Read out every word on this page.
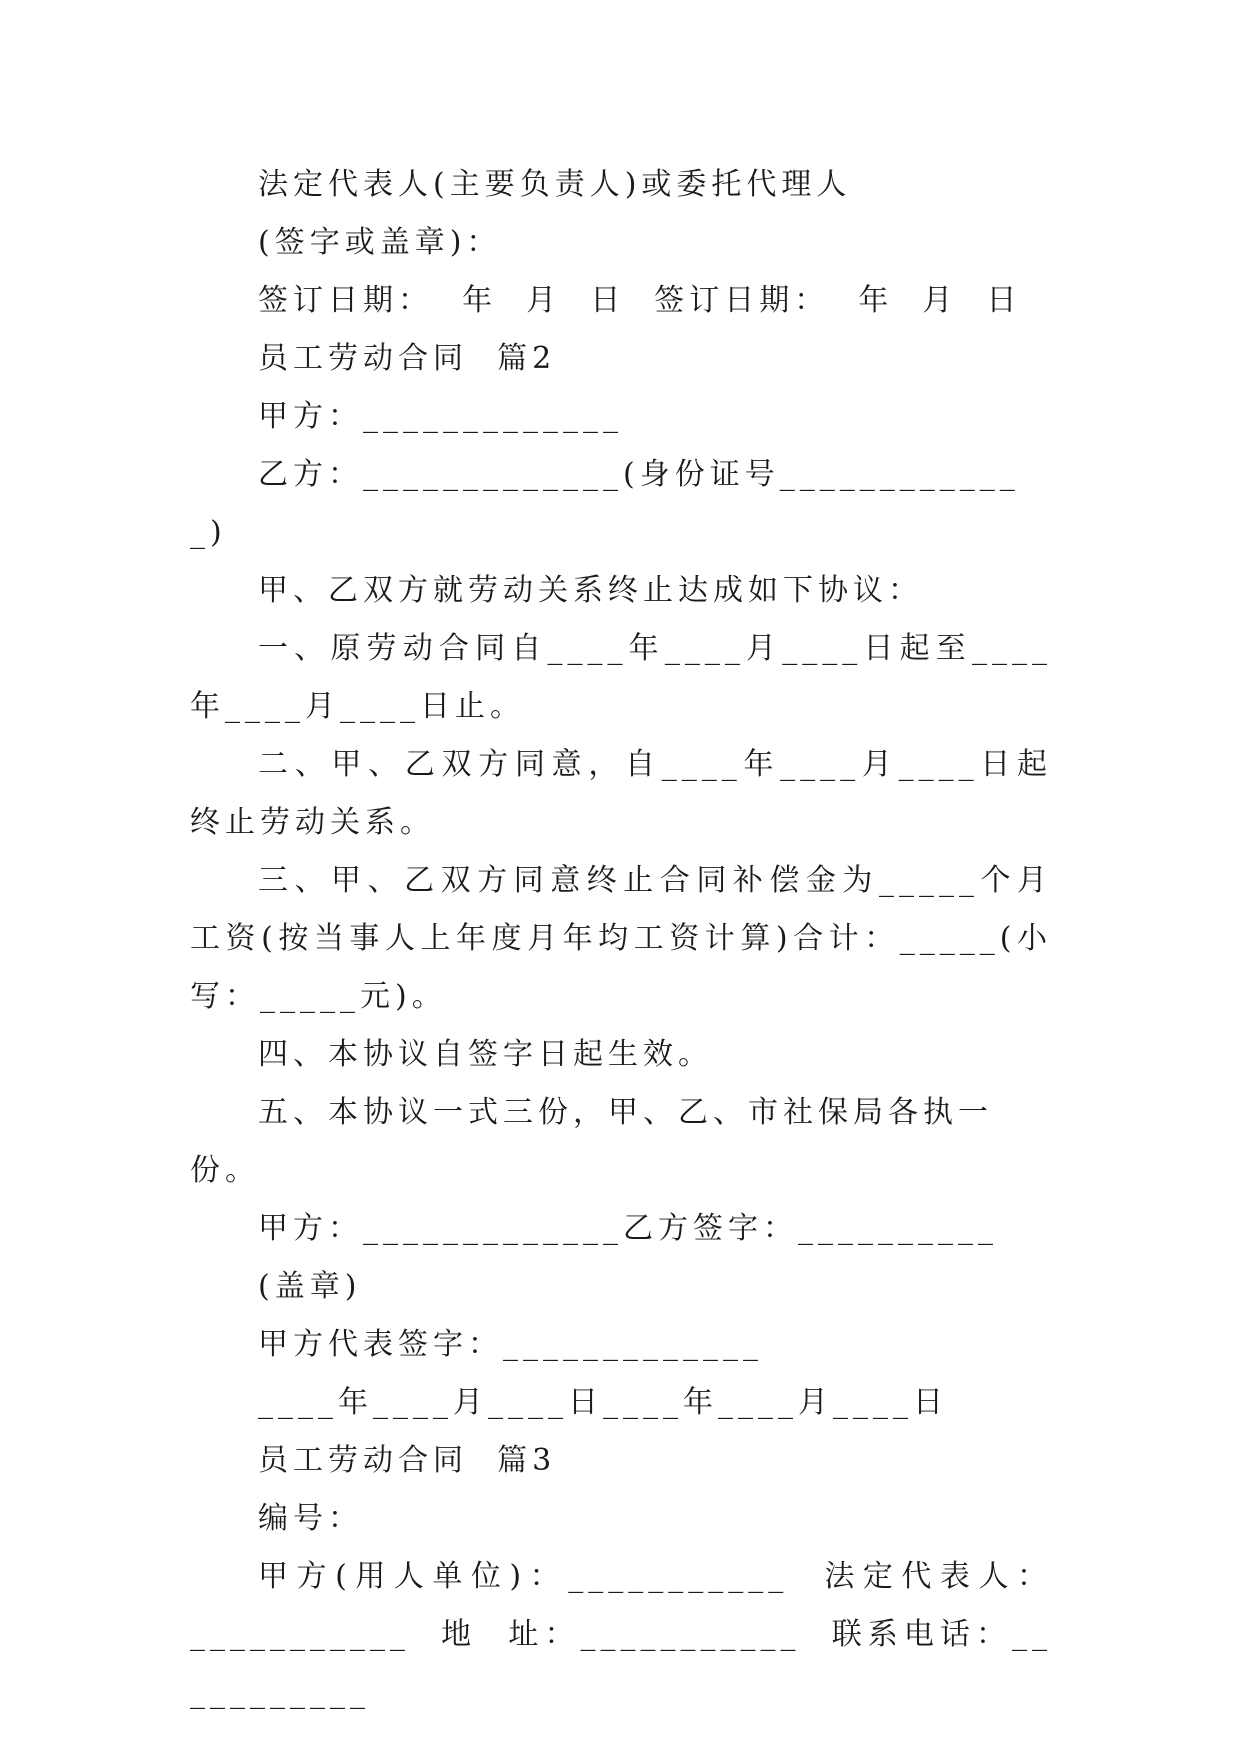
法定代表人(主要负责人)或委托代理人

(签字或盖章)：

签订日期：  年  月  日  签订日期：  年  月  日

员工劳动合同  篇2

甲方：_____________

乙方：_____________(身份证号_____________)

甲、乙双方就劳动关系终止达成如下协议：

一、原劳动合同自____年____月____日起至____年____月____日止。

二、甲、乙双方同意，自____年____月____日起终止劳动关系。

三、甲、乙双方同意终止合同补偿金为_____个月工资(按当事人上年度月年均工资计算)合计：_____(小写：_____元)。

四、本协议自签字日起生效。

五、本协议一式三份，甲、乙、市社保局各执一份。

甲方：_____________乙方签字：__________

(盖章)

甲方代表签字：_____________

____年____月____日____年____月____日

员工劳动合同  篇3

编号：

甲方(用人单位)：___________  法定代表人：

___________  地  址：___________  联系电话：___________
